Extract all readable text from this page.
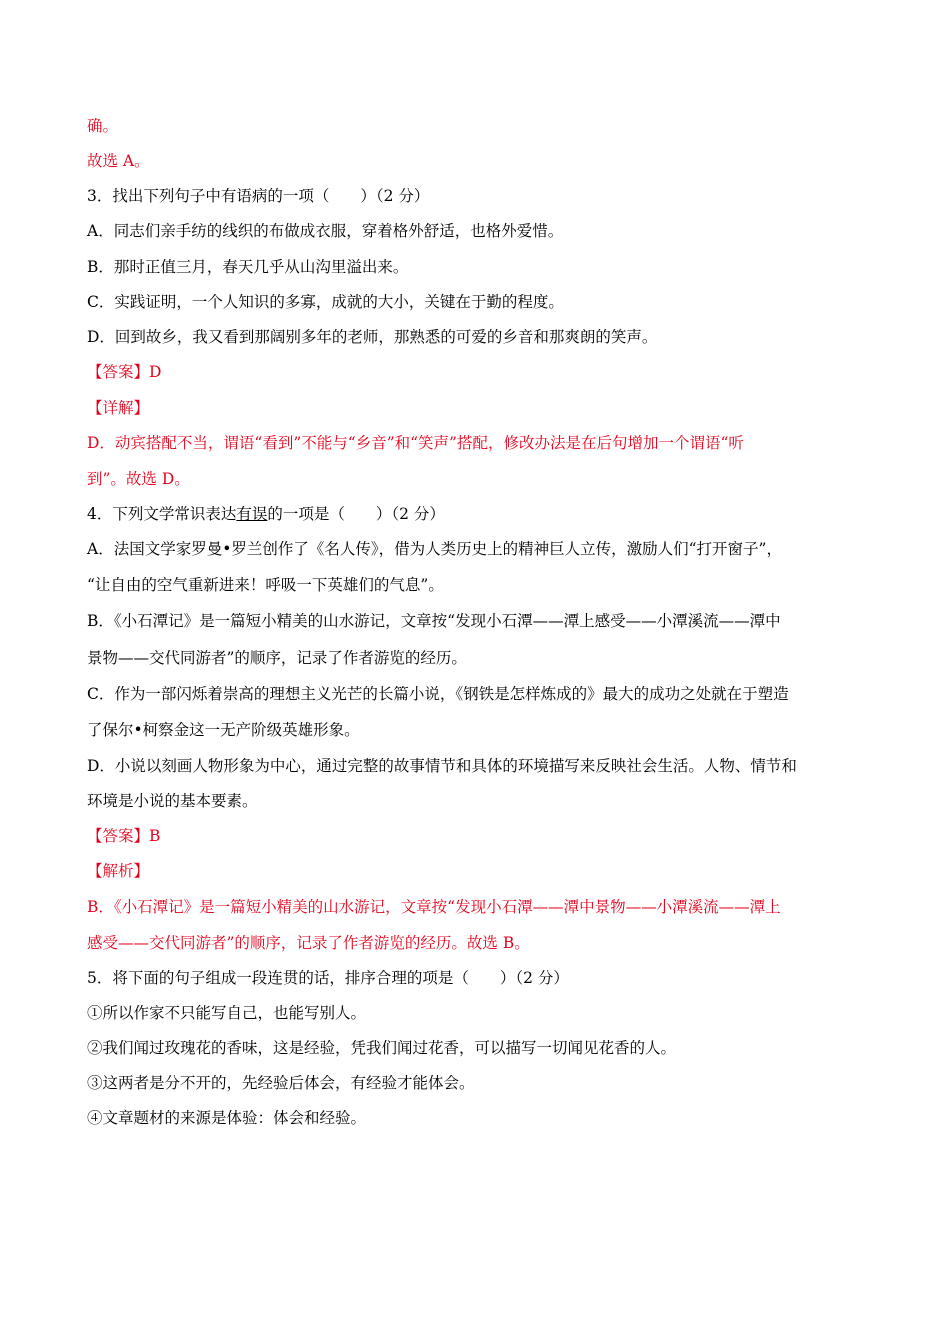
确。
故选 A。
3．找出下列句子中有语病的一项（　　）（2 分）
A．同志们亲手纺的线织的布做成衣服，穿着格外舒适，也格外爱惜。
B．那时正值三月，春天几乎从山沟里溢出来。
C．实践证明，一个人知识的多寡，成就的大小，关键在于勤的程度。
D．回到故乡，我又看到那阔别多年的老师，那熟悉的可爱的乡音和那爽朗的笑声。
【答案】D
【详解】
D．动宾搭配不当，谓语“看到”不能与“乡音”和“笑声”搭配，修改办法是在后句增加一个谓语“听
到”。故选 D。
4．下列文学常识表达有误的一项是（　　）（2 分）
A．法国文学家罗曼•罗兰创作了《名人传》，借为人类历史上的精神巨人立传，激励人们“打开窗子”，
“让自由的空气重新进来！呼吸一下英雄们的气息”。
B．《小石潭记》是一篇短小精美的山水游记，文章按“发现小石潭——潭上感受——小潭溪流——潭中
景物——交代同游者”的顺序，记录了作者游览的经历。
C．作为一部闪烁着崇高的理想主义光芒的长篇小说，《钢铁是怎样炼成的》最大的成功之处就在于塑造
了保尔•柯察金这一无产阶级英雄形象。
D．小说以刻画人物形象为中心，通过完整的故事情节和具体的环境描写来反映社会生活。人物、情节和
环境是小说的基本要素。
【答案】B
【解析】
B．《小石潭记》是一篇短小精美的山水游记，文章按“发现小石潭——潭中景物——小潭溪流——潭上
感受——交代同游者”的顺序，记录了作者游览的经历。故选 B。
5．将下面的句子组成一段连贯的话，排序合理的项是（　　）（2 分）
①所以作家不只能写自己，也能写别人。
②我们闻过玫瑰花的香味，这是经验，凭我们闻过花香，可以描写一切闻见花香的人。
③这两者是分不开的，先经验后体会，有经验才能体会。
④文章题材的来源是体验：体会和经验。
